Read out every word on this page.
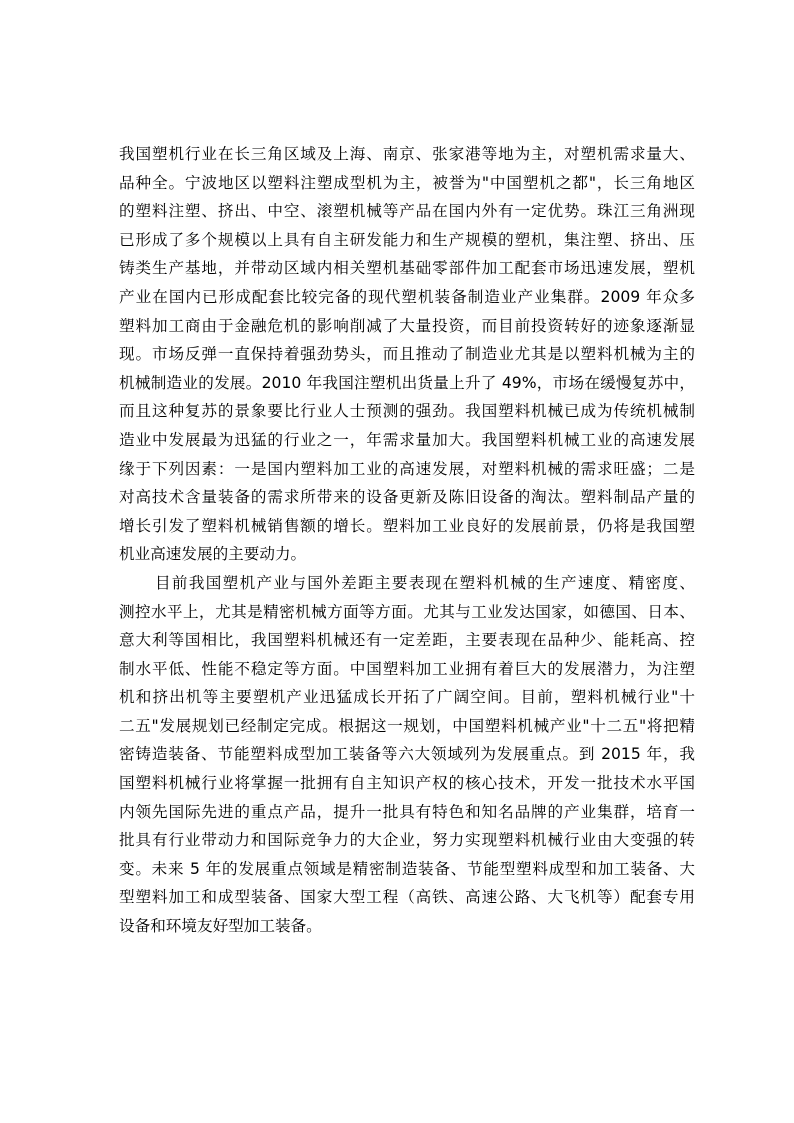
我国塑机行业在长三角区域及上海、南京、张家港等地为主，对塑机需求量大、
品种全。宁波地区以塑料注塑成型机为主，被誉为"中国塑机之都"，长三角地区
的塑料注塑、挤出、中空、滚塑机械等产品在国内外有一定优势。珠江三角洲现
已形成了多个规模以上具有自主研发能力和生产规模的塑机，集注塑、挤出、压
铸类生产基地，并带动区域内相关塑机基础零部件加工配套市场迅速发展，塑机
产业在国内已形成配套比较完备的现代塑机装备制造业产业集群。2009 年众多
塑料加工商由于金融危机的影响削减了大量投资，而目前投资转好的迹象逐渐显
现。市场反弹一直保持着强劲势头，而且推动了制造业尤其是以塑料机械为主的
机械制造业的发展。2010 年我国注塑机出货量上升了 49%，市场在缓慢复苏中，
而且这种复苏的景象要比行业人士预测的强劲。我国塑料机械已成为传统机械制
造业中发展最为迅猛的行业之一，年需求量加大。我国塑料机械工业的高速发展
缘于下列因素：一是国内塑料加工业的高速发展，对塑料机械的需求旺盛；二是
对高技术含量装备的需求所带来的设备更新及陈旧设备的淘汰。塑料制品产量的
增长引发了塑料机械销售额的增长。塑料加工业良好的发展前景，仍将是我国塑
机业高速发展的主要动力。
目前我国塑机产业与国外差距主要表现在塑料机械的生产速度、精密度、
测控水平上，尤其是精密机械方面等方面。尤其与工业发达国家，如德国、日本、
意大利等国相比，我国塑料机械还有一定差距，主要表现在品种少、能耗高、控
制水平低、性能不稳定等方面。中国塑料加工业拥有着巨大的发展潜力，为注塑
机和挤出机等主要塑机产业迅猛成长开拓了广阔空间。目前，塑料机械行业"十
二五"发展规划已经制定完成。根据这一规划，中国塑料机械产业"十二五"将把精
密铸造装备、节能塑料成型加工装备等六大领域列为发展重点。到 2015 年，我
国塑料机械行业将掌握一批拥有自主知识产权的核心技术，开发一批技术水平国
内领先国际先进的重点产品，提升一批具有特色和知名品牌的产业集群，培育一
批具有行业带动力和国际竞争力的大企业，努力实现塑料机械行业由大变强的转
变。未来 5 年的发展重点领域是精密制造装备、节能型塑料成型和加工装备、大
型塑料加工和成型装备、国家大型工程（高铁、高速公路、大飞机等）配套专用
设备和环境友好型加工装备。
